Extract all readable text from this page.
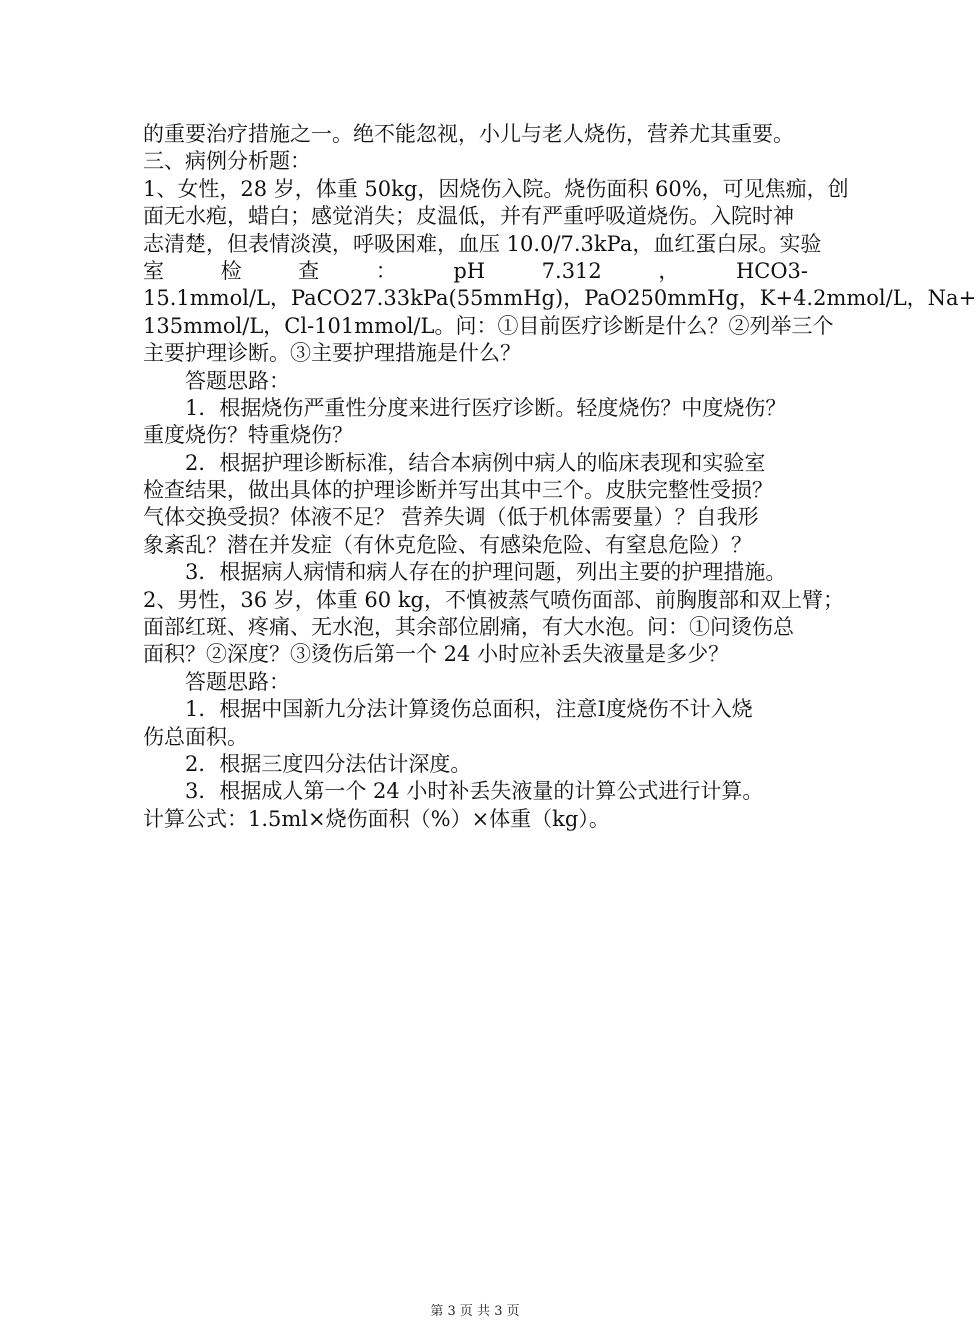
的重要治疗措施之一。绝不能忽视，小儿与老人烧伤，营养尤其重要。
三、病例分析题：
1、女性，28 岁，体重 50kg，因烧伤入院。烧伤面积 60%，可见焦痂，创
面无水疱，蜡白；感觉消失；皮温低，并有严重呼吸道烧伤。入院时神
志清楚，但表情淡漠，呼吸困难，血压 10.0/7.3kPa，血红蛋白尿。实验
室	检	查	：	pH	7.312	，	HCO3-
15.1mmol/L，PaCO27.33kPa(55mmHg)，PaO250mmHg，K+4.2mmol/L，Na+
135mmol/L，Cl-101mmol/L。问：①目前医疗诊断是什么？②列举三个
主要护理诊断。③主要护理措施是什么？
答题思路：
1．根据烧伤严重性分度来进行医疗诊断。轻度烧伤？中度烧伤？
重度烧伤？特重烧伤？
2．根据护理诊断标准，结合本病例中病人的临床表现和实验室
检查结果，做出具体的护理诊断并写出其中三个。皮肤完整性受损？
气体交换受损？体液不足？ 营养失调（低于机体需要量）？自我形
象紊乱？潜在并发症（有休克危险、有感染危险、有窒息危险）？
3．根据病人病情和病人存在的护理问题，列出主要的护理措施。
2、男性，36 岁，体重 60 kg，不慎被蒸气喷伤面部、前胸腹部和双上臂；
面部红斑、疼痛、无水泡，其余部位剧痛，有大水泡。问：①问烫伤总
面积？②深度？③烫伤后第一个 24 小时应补丢失液量是多少？
答题思路：
1．根据中国新九分法计算烫伤总面积，注意Ⅰ度烧伤不计入烧
伤总面积。
2．根据三度四分法估计深度。
3．根据成人第一个 24 小时补丢失液量的计算公式进行计算。
计算公式：1.5ml×烧伤面积（%）×体重（kg）。
第 3 页 共 3 页
